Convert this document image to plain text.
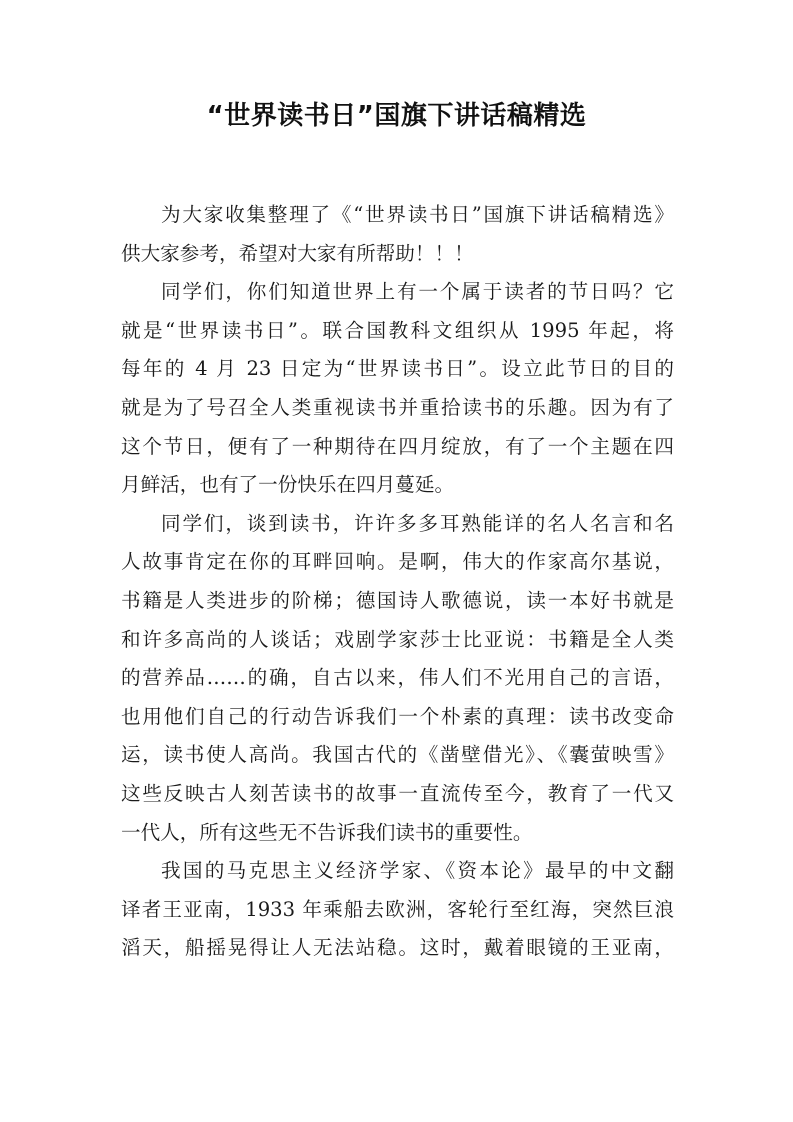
“世界读书日”国旗下讲话稿精选
为大家收集整理了《“世界读书日”国旗下讲话稿精选》
供大家参考，希望对大家有所帮助！！！
同学们，你们知道世界上有一个属于读者的节日吗？它
就是“世界读书日”。联合国教科文组织从 1995 年起，将
每年的 4 月 23 日定为“世界读书日”。设立此节日的目的
就是为了号召全人类重视读书并重拾读书的乐趣。因为有了
这个节日，便有了一种期待在四月绽放，有了一个主题在四
月鲜活，也有了一份快乐在四月蔓延。
同学们，谈到读书，许许多多耳熟能详的名人名言和名
人故事肯定在你的耳畔回响。是啊，伟大的作家高尔基说，
书籍是人类进步的阶梯；德国诗人歌德说，读一本好书就是
和许多高尚的人谈话；戏剧学家莎士比亚说：书籍是全人类
的营养品……的确，自古以来，伟人们不光用自己的言语，
也用他们自己的行动告诉我们一个朴素的真理：读书改变命
运，读书使人高尚。我国古代的《凿壁借光》、《囊萤映雪》
这些反映古人刻苦读书的故事一直流传至今，教育了一代又
一代人，所有这些无不告诉我们读书的重要性。
我国的马克思主义经济学家、《资本论》最早的中文翻
译者王亚南，1933 年乘船去欧洲，客轮行至红海，突然巨浪
滔天，船摇晃得让人无法站稳。这时，戴着眼镜的王亚南，
